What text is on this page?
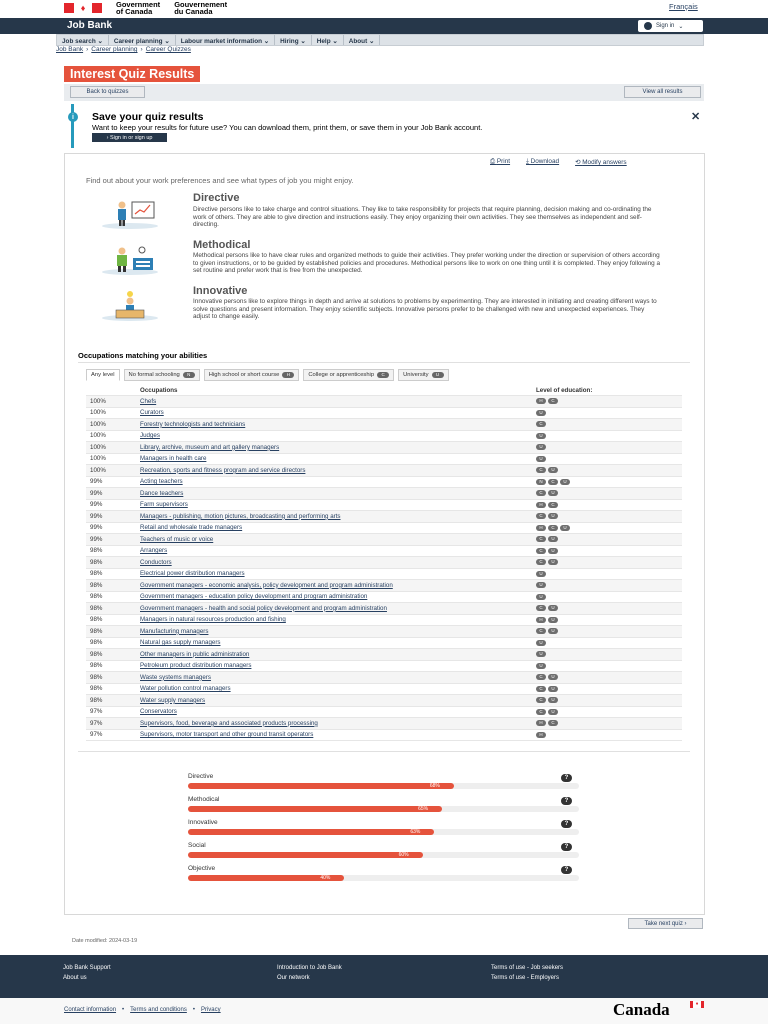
♦	Government
of Canada
Gouvernement
du Canada
Français
Job Bank	Sign in ⌄
Job search ⌄	Career planning ⌄	Labour market information ⌄	Hiring ⌄	Help ⌄	About ⌄
Job Bank › Career planning › Career Quizzes
Interest Quiz Results
Back to quizzes	View all results
i	Save your quiz results
Want to keep your results for future use? You can download them, print them, or save them in your Job Bank account.
› Sign in or sign up
✕
⎙ Print	⤓ Download	⟲ Modify answers
Find out about your work preferences and see what types of job you might enjoy.
Directive
Directive persons like to take charge and control situations. They like to take responsibility for projects that require planning, decision making and co-ordinating the work of others. They are able to give direction and instructions easily. They enjoy organizing their own activities. They see themselves as independent and self-directing.
Methodical
Methodical persons like to have clear rules and organized methods to guide their activities. They prefer working under the direction or supervision of others according to given instructions, or to be guided by established policies and procedures. Methodical persons like to work on one thing until it is completed. They enjoy following a set routine and prefer work that is free from the unexpected.
Innovative
Innovative persons like to explore things in depth and arrive at solutions to problems by experimenting. They are interested in initiating and creating different ways to solve questions and present information. They enjoy scientific subjects. Innovative persons prefer to be challenged with new and unexpected experiences. They adjust to change easily.
Occupations matching your abilities
Any level No formal schooling	N	High school or short course	H	College or apprenticeship	C	University	U
Occupations	Level of education:
100%	Chefs	H	C
100%	Curators	U
100%	Forestry technologists and technicians	C
100%	Judges	U
100%	Library, archive, museum and art gallery managers	U
100%	Managers in health care	U
100%	Recreation, sports and fitness program and service directors	C	U
99%	Acting teachers	N	C	U
99%	Dance teachers	C	U
99%	Farm supervisors	H	C
99%	Managers - publishing, motion pictures, broadcasting and performing arts	C	U
99%	Retail and wholesale trade managers	H	C	U
99%	Teachers of music or voice	C	U
98%	Arrangers	C	U
98%	Conductors	C	U
98%	Electrical power distribution managers	U
98%	Government managers - economic analysis, policy development and program administration	U
98%	Government managers - education policy development and program administration	U
98%	Government managers - health and social policy development and program administration	C	U
98%	Managers in natural resources production and fishing	H	U
98%	Manufacturing managers	C	U
98%	Natural gas supply managers	U
98%	Other managers in public administration	U
98%	Petroleum product distribution managers	U
98%	Waste systems managers	C	U
98%	Water pollution control managers	C	U
98%	Water supply managers	C	U
97%	Conservators	C	U
97%	Supervisors, food, beverage and associated products processing	H	C
97%	Supervisors, motor transport and other ground transit operators	H
Directive
68%
?
Methodical
65%
?
Innovative
63%
?
Social
60%
?
Objective
40%
?
Take next quiz ›
Date modified: 2024-03-19
Job Bank Support
About us
Introduction to Job Bank
Our network
Terms of use - Job seekers
Terms of use - Employers
Contact information • Terms and conditions • Privacy	Canada	♦
